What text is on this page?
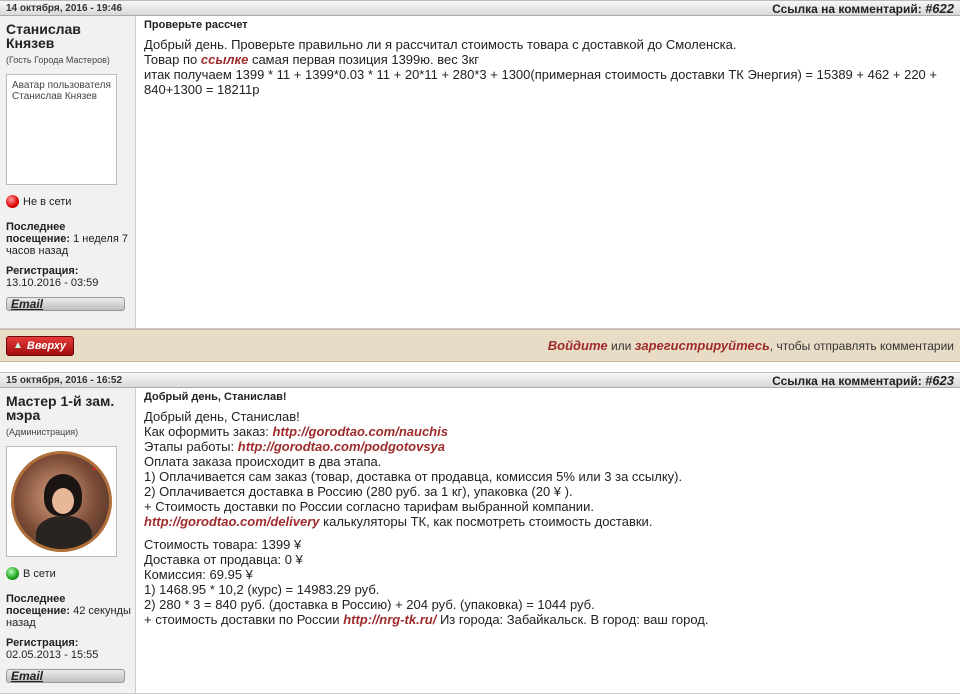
14 октября, 2016 - 19:46	Ссылка на комментарий: #622
Станислав Князев
(Гость Города Мастеров)
Аватар пользователя Станислав Князев
Не в сети
Последнее посещение: 1 неделя 7 часов назад
Регистрация:
13.10.2016 - 03:59
Email
Проверьте рассчет

Добрый день. Проверьте правильно ли я рассчитал стоимость товара с доставкой до Смоленска.

Товар по ссылке самая первая позиция 1399ю. вес 3кг

итак получаем 1399 * 11 + 1399*0.03 * 11 + 20*11 + 280*3 + 1300(примерная стоимость доставки ТК Энергия) = 15389 + 462 + 220 + 840+1300 = 18211р

▲ Вверху	Войдите или зарегистрируйтесь, чтобы отправлять комментарии
15 октября, 2016 - 16:52	Ссылка на комментарий: #623
Мастер 1-й зам. мэра
(Администрация)
В сети
Последнее посещение: 42 секунды назад
Регистрация:
02.05.2013 - 15:55
Email
Добрый день, Станислав!

Добрый день, Станислав!

Как оформить заказ: http://gorodtao.com/nauchis

Этапы работы: http://gorodtao.com/podgotovsya

Оплата заказа происходит в два этапа.

1) Оплачивается сам заказ (товар, доставка от продавца, комиссия 5% или 3 за ссылку).

2) Оплачивается доставка в Россию (280 руб. за 1 кг), упаковка (20 ¥ ).

+ Стоимость доставки по России согласно тарифам выбранной компании.

http://gorodtao.com/delivery калькуляторы ТК, как посмотреть стоимость доставки.

Стоимость товара: 1399 ¥

Доставка от продавца: 0 ¥

Комиссия: 69.95 ¥

1) 1468.95 * 10,2 (курс) = 14983.29 руб.

2) 280 * 3 = 840 руб. (доставка в Россию) + 204 руб. (упаковка) = 1044 руб.

+ стоимость доставки по России http://nrg-tk.ru/ Из города: Забайкальск. В город: ваш город.
